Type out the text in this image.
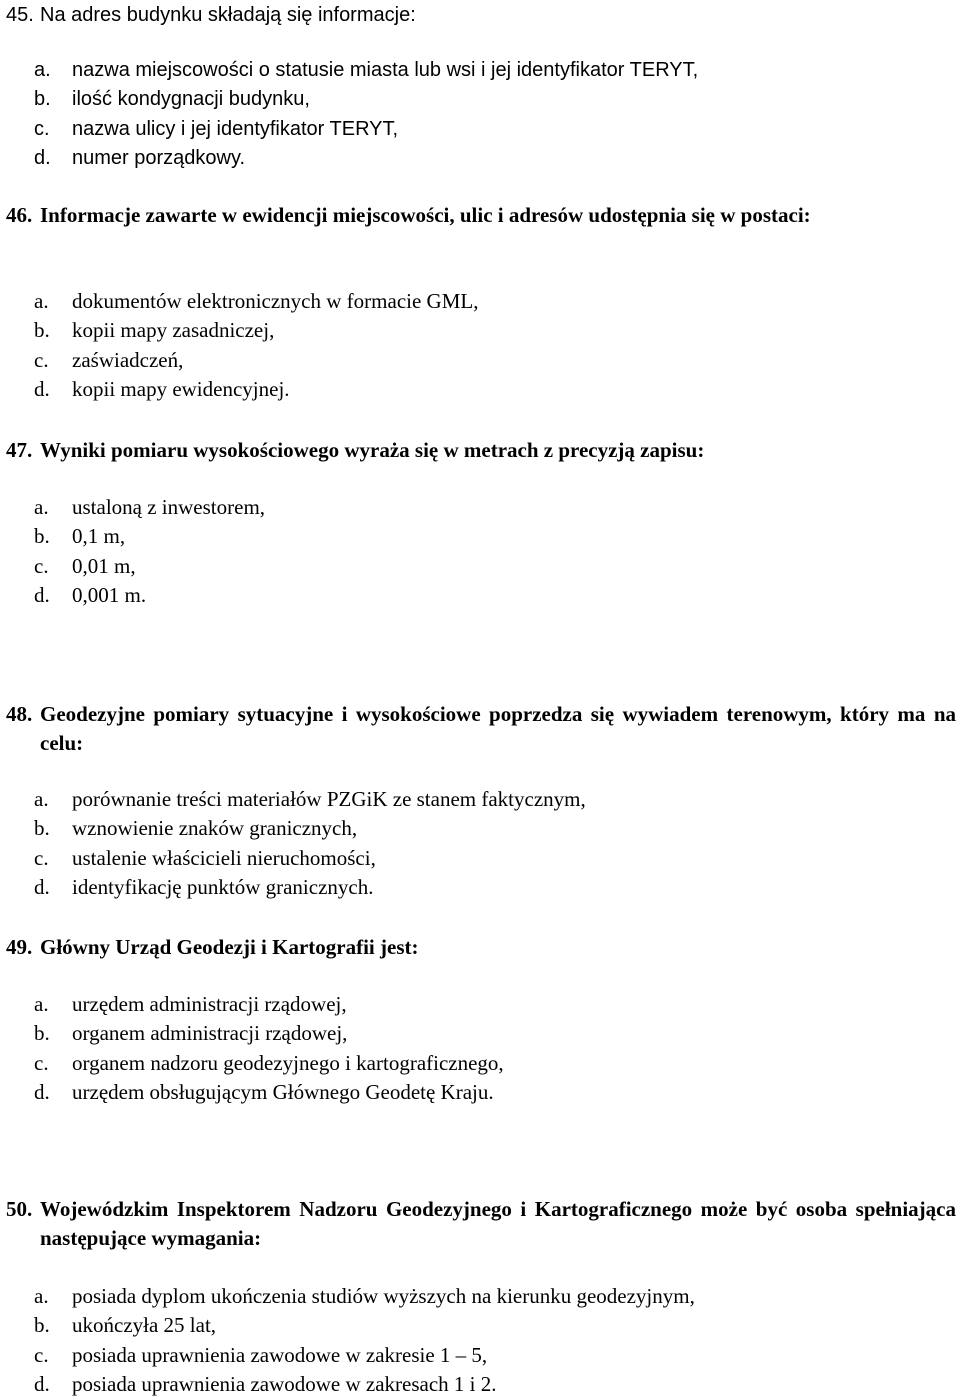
45. Na adres budynku składają się informacje:
a. nazwa miejscowości o statusie miasta lub wsi i jej identyfikator TERYT,
b. ilość kondygnacji budynku,
c. nazwa ulicy i jej identyfikator TERYT,
d. numer porządkowy.
46. Informacje zawarte w ewidencji miejscowości, ulic i adresów udostępnia się w postaci:
a. dokumentów elektronicznych w formacie GML,
b. kopii mapy zasadniczej,
c. zaświadczeń,
d. kopii mapy ewidencyjnej.
47. Wyniki pomiaru wysokościowego wyraża się w metrach z precyzją zapisu:
a. ustaloną z inwestorem,
b. 0,1 m,
c. 0,01 m,
d. 0,001 m.
48. Geodezyjne pomiary sytuacyjne i wysokościowe poprzedza się wywiadem terenowym, który ma na celu:
a. porównanie treści materiałów PZGiK ze stanem faktycznym,
b. wznowienie znaków granicznych,
c. ustalenie właścicieli nieruchomości,
d. identyfikację punktów granicznych.
49. Główny Urząd Geodezji i Kartografii jest:
a. urzędem administracji rządowej,
b. organem administracji rządowej,
c. organem nadzoru geodezyjnego i kartograficznego,
d. urzędem obsługującym Głównego Geodetę Kraju.
50. Wojewódzkim Inspektorem Nadzoru Geodezyjnego i Kartograficznego może być osoba spełniająca następujące wymagania:
a. posiada dyplom ukończenia studiów wyższych na kierunku geodezyjnym,
b. ukończyła 25 lat,
c. posiada uprawnienia zawodowe w zakresie 1 – 5,
d. posiada uprawnienia zawodowe w zakresach 1 i 2.
